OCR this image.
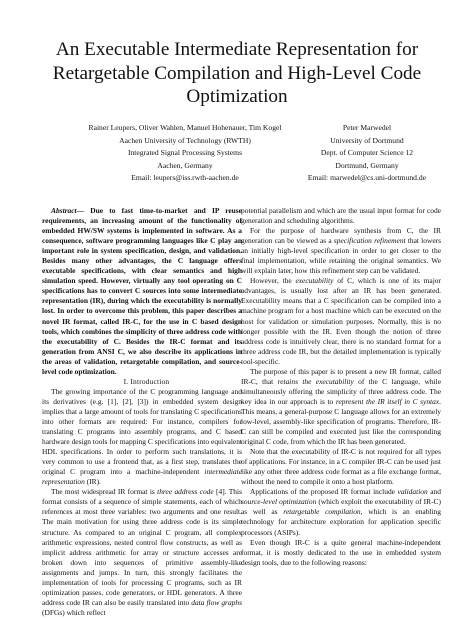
An Executable Intermediate Representation for
Retargetable Compilation and High-Level Code
Optimization
Rainer Leupers, Oliver Wahlen, Manuel Hohenauer, Tim Kogel
Aachen University of Technology (RWTH)
Integrated Signal Processing Systems
Aachen, Germany
Email: leupers@iss.rwth-aachen.de
Peter Marwedel
University of Dortmund
Dept. of Computer Science 12
Dortmund, Germany
Email: marwedel@cs.uni-dortmund.de

Abstract— Due to fast time-to-market and IP reuse requirements, an increasing amount of the functionality of embedded HW/SW systems is implemented in software. As a consequence, software programming languages like C play an important role in system specification, design, and validation. Besides many other advantages, the C language offers executable specifications, with clear semantics and high simulation speed. However, virtually any tool operating on C specifications has to convert C sources into some intermediate representation (IR), during which the executability is normally lost. In order to overcome this problem, this paper describes a novel IR format, called IR-C, for the use in C based design tools, which combines the simplicity of three address code with the executability of C. Besides the IR-C format and its generation from ANSI C, we also describe its applications in the areas of validation, retargetable compilation, and source-level code optimization.

I. Introduction

The growing importance of the C programming language and its derivatives (e.g. [1], [2], [3]) in embedded system design implies that a large amount of tools for translating C specifications into other formats are required: For instance, compilers for translating C programs into assembly programs, and C based hardware design tools for mapping C specifications into equivalent HDL specifications. In order to perform such translations, it is very common to use a frontend that, as a first step, translates the original C program into a machine-independent intermediate representation (IR).

The most widespread IR format is three address code [4]. This format consists of a sequence of simple statements, each of which references at most three variables: two arguments and one result. The main motivation for using three address code is its simple structure. As compared to an original C program, all complex arithmetic expressions, nested control flow constructs, as well as implicit address arithmetic for array or structure accesses are broken down into sequences of primitive assembly-like assignments and jumps. In turn, this strongly facilitates the implementation of tools for processing C programs, such as IR optimization passes, code generators, or HDL generators. A three address code IR can also be easily translated into data flow graphs (DFGs) which reflect

potential parallelism and which are the usual input format for code generation and scheduling algorithms.

For the purpose of hardware synthesis from C, the IR generation can be viewed as a specification refinement that lowers an initially high-level specification in order to get closer to the final implementation, while retaining the original semantics. We will explain later, how this refinement step can be validated.

However, the executability of C, which is one of its major advantages, is usually lost after an IR has been generated. Executability means that a C specification can be compiled into a machine program for a host machine which can be executed on the host for validation or simulation purposes. Normally, this is no longer possible with the IR. Even though the notion of three address code is intuitively clear, there is no standard format for a three address code IR, but the detailed implementation is typically tool-specific.

The purpose of this paper is to present a new IR format, called IR-C, that retains the executability of the C language, while simultaneously offering the simplicity of three address code. The key idea in our approach is to represent the IR itself in C syntax. This means, a general-purpose C language allows for an extremely low-level, assembly-like specification of programs. Therefore, IR-C can still be compiled and executed just like the corresponding original C code, from which the IR has been generated.

Note that the executability of IR-C is not required for all types of applications. For instance, in a C compiler IR-C can be used just like any other three address code format as a file exchange format, without the need to compile it onto a host platform.

Applications of the proposed IR format include validation and source-level optimization (which exploit the executability of IR-C) as well as retargetable compilation, which is an enabling technology for architecture exploration for application specific processors (ASIPs).

Even though IR-C is a quite general machine-independent format, it is mostly dedicated to the use in embedded system design tools, due to the following reasons:
